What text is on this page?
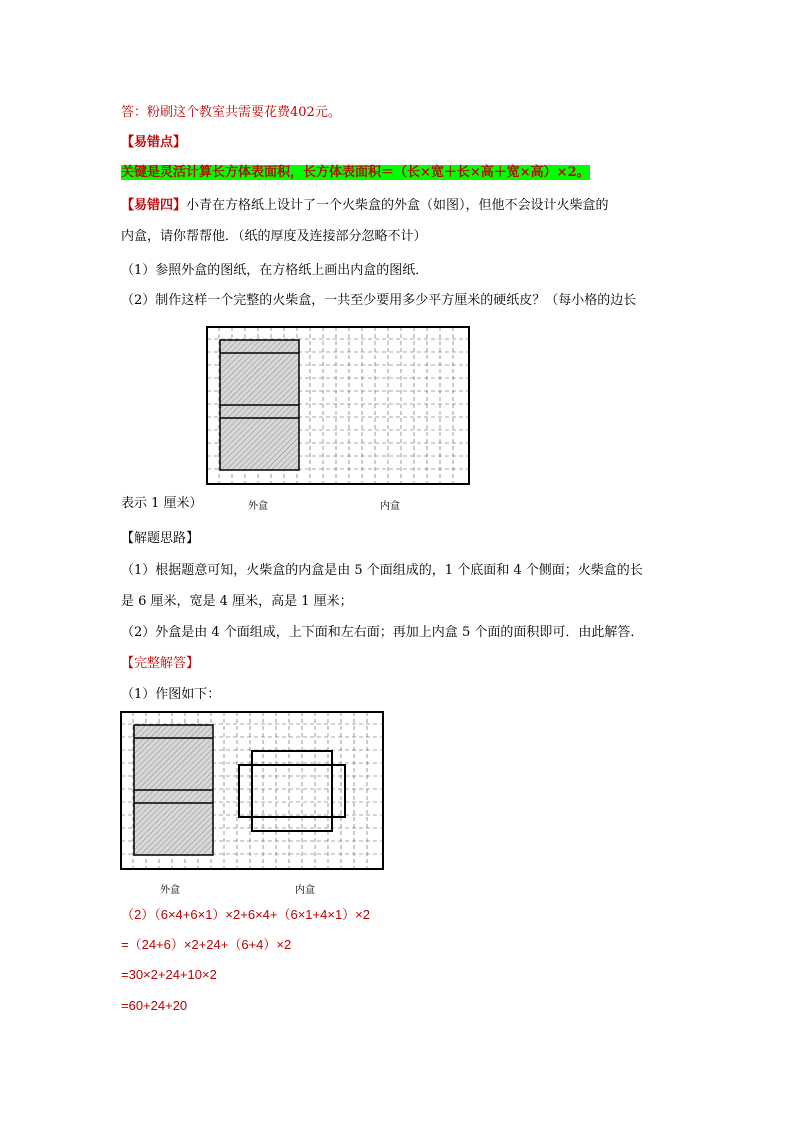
答：粉刷这个教室共需要花费402元。
【易错点】
关键是灵活计算长方体表面积，长方体表面积＝（长×宽＋长×高＋宽×高）×2。
【易错四】小青在方格纸上设计了一个火柴盒的外盒（如图），但他不会设计火柴盒的
内盒，请你帮帮他．（纸的厚度及连接部分忽略不计）
（1）参照外盒的图纸，在方格纸上画出内盒的图纸．
（2）制作这样一个完整的火柴盒，一共至少要用多少平方厘米的硬纸皮？（每小格的边长
表示 1 厘米）	外盒	内盒
【解题思路】
（1）根据题意可知，火柴盒的内盒是由 5 个面组成的，1 个底面和 4 个侧面；火柴盒的长
是 6 厘米，宽是 4 厘米，高是 1 厘米；
（2）外盒是由 4 个面组成，上下面和左右面；再加上内盒 5 个面的面积即可．由此解答．
【完整解答】
（1）作图如下：
外盒	内盒
（2）（6×4+6×1）×2+6×4+（6×1+4×1）×2
=（24+6）×2+24+（6+4）×2
=30×2+24+10×2
=60+24+20
